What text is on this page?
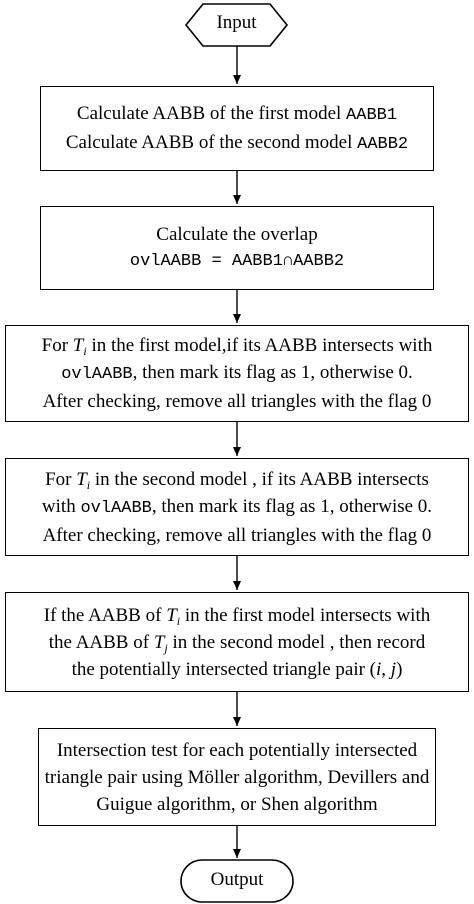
Input
Calculate AABB of the first model AABB1
Calculate AABB of the second model AABB2
Calculate the overlap
ovlAABB = AABB1∩AABB2
For $T_i$ in the first model,if its AABB intersects with
ovlAABB, then mark its flag as 1, otherwise 0.
After checking, remove all triangles with the flag 0
For $T_i$ in the second model , if its AABB intersects
with ovlAABB, then mark its flag as 1, otherwise 0.
After checking, remove all triangles with the flag 0
If the AABB of $T_i$ in the first model intersects with
the AABB of $T_j$ in the second model , then record
the potentially intersected triangle pair (i, j)
Intersection test for each potentially intersected
triangle pair using Möller algorithm, Devillers and
Guigue algorithm, or Shen algorithm
Output
